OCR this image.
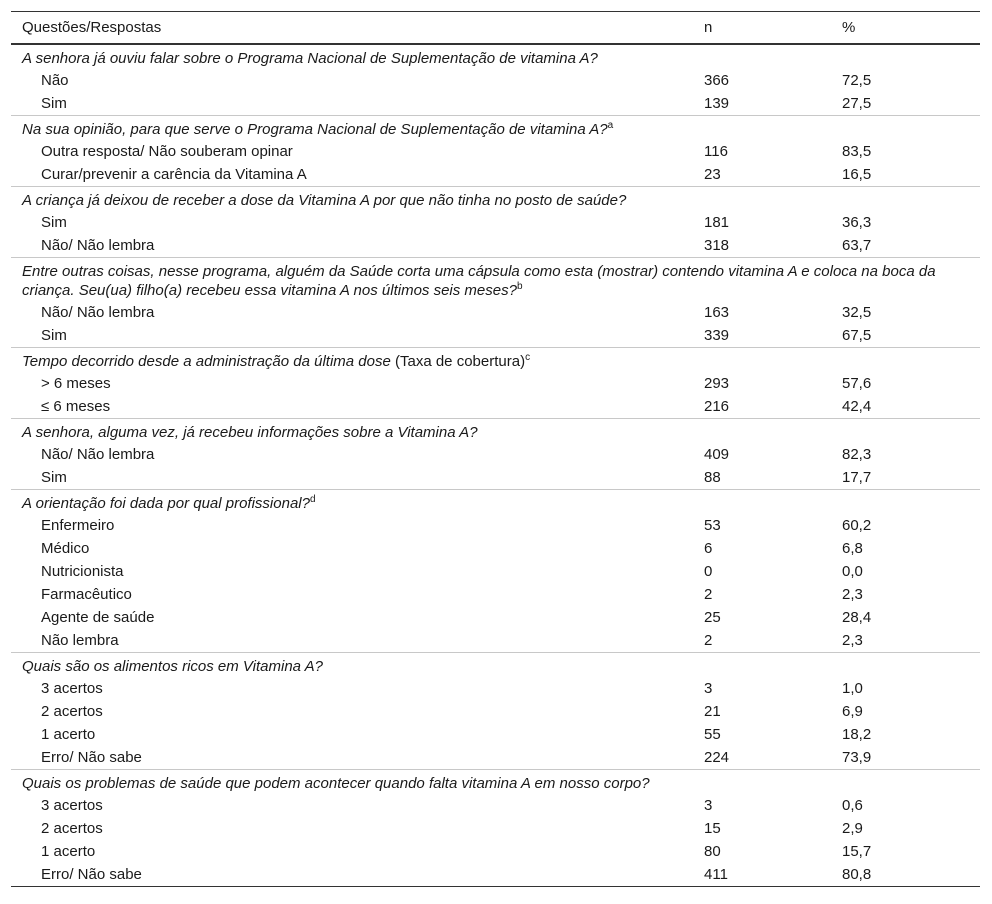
Questões/Respostas	n	%
A senhora já ouviu falar sobre o Programa Nacional de Suplementação de vitamina A?		
Não	366	72,5
Sim	139	27,5
Na sua opinião, para que serve o Programa Nacional de Suplementação de vitamina A?$^a$
Outra resposta/ Não souberam opinar	116	83,5
Curar/prevenir a carência da Vitamina A	23	16,5
A criança já deixou de receber a dose da Vitamina A por que não tinha no posto de saúde?		
Sim	181	36,3
Não/ Não lembra	318	63,7
Entre outras coisas, nesse programa, alguém da Saúde corta uma cápsula como esta (mostrar) contendo vitamina A e coloca na boca da criança. Seu(ua) filho(a) recebeu essa vitamina A nos últimos seis meses?$^b$
Não/ Não lembra	163	32,5
Sim	339	67,5
Tempo decorrido desde a administração da última dose (Taxa de cobertura)$^c$
> 6 meses	293	57,6
≤ 6 meses	216	42,4
A senhora, alguma vez, já recebeu informações sobre a Vitamina A?		
Não/ Não lembra	409	82,3
Sim	88	17,7
A orientação foi dada por qual profissional?$^d$
Enfermeiro	53	60,2
Médico	6	6,8
Nutricionista	0	0,0
Farmacêutico	2	2,3
Agente de saúde	25	28,4
Não lembra	2	2,3
Quais são os alimentos ricos em Vitamina A?		
3 acertos	3	1,0
2 acertos	21	6,9
1 acerto	55	18,2
Erro/ Não sabe	224	73,9
Quais os problemas de saúde que podem acontecer quando falta vitamina A em nosso corpo?		
3 acertos	3	0,6
2 acertos	15	2,9
1 acerto	80	15,7
Erro/ Não sabe	411	80,8
